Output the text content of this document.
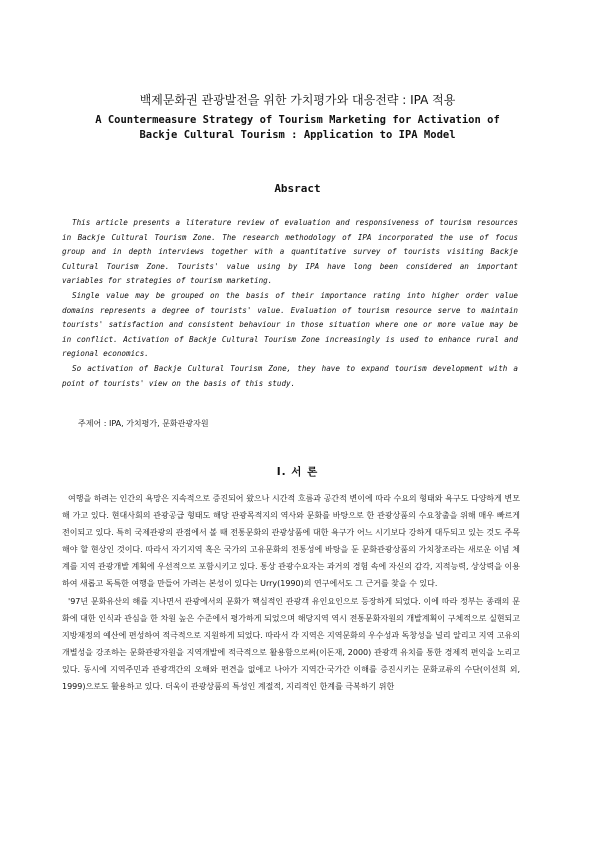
백제문화권 관광발전을 위한 가치평가와 대응전략 : IPA 적용
A Countermeasure Strategy of Tourism Marketing for Activation of
Backje Cultural Tourism : Application to IPA Model
Absract

This article presents a literature review of evaluation and responsiveness of tourism resources in Backje Cultural Tourism Zone. The research methodology of IPA incorporated the use of focus group and in depth interviews together with a quantitative survey of tourists visiting Backje Cultural Tourism Zone. Tourists' value using by IPA have long been considered an important variables for strategies of tourism marketing.

Single value may be grouped on the basis of their importance rating into higher order value domains represents a degree of tourists' value. Evaluation of tourism resource serve to maintain tourists' satisfaction and consistent behaviour in those situation where one or more value may be in conflict. Activation of Backje Cultural Tourism Zone increasingly is used to enhance rural and regional economics.

So activation of Backje Cultural Tourism Zone, they have to expand tourism development with a point of tourists' view on the basis of this study.

주제어 : IPA, 가치평가, 문화관광자원
I. 서 론

여행을 하려는 인간의 욕망은 지속적으로 증진되어 왔으나 시간적 흐름과 공간적 변이에 따라 수요의 형태와 욕구도 다양하게 변모해 가고 있다. 현대사회의 관광공급 형태도 해당 관광목적지의 역사와 문화를 바탕으로 한 관광상품의 수요창출을 위해 매우 빠르게 전이되고 있다. 특히 국제관광의 관점에서 볼 때 전통문화의 관광상품에 대한 욕구가 어느 시기보다 강하게 대두되고 있는 것도 주목해야 할 현상인 것이다. 따라서 자기지역 혹은 국가의 고유문화의 전통성에 바탕을 둔 문화관광상품의 가치창조라는 새로운 이념 체계를 지역 관광개발 계획에 우선적으로 포함시키고 있다. 통상 관광수요자는 과거의 경험 속에 자신의 감각, 지적능력, 상상력을 이용하여 새롭고 독특한 여행을 만들어 가려는 본성이 있다는 Urry(1990)의 연구에서도 그 근거를 찾을 수 있다.

'97년 문화유산의 해를 지나면서 관광에서의 문화가 핵심적인 관광객 유인요인으로 등장하게 되었다. 이에 따라 정부는 종래의 문화에 대한 인식과 관심을 한 차원 높은 수준에서 평가하게 되었으며 해당지역 역시 전통문화자원의 개발계획이 구체적으로 실현되고 지방재정의 예산에 편성하여 적극적으로 지원하게 되었다. 따라서 각 지역은 지역문화의 우수성과 독창성을 널리 알리고 지역 고유의 개별성을 강조하는 문화관광자원을 지역개발에 적극적으로 활용함으로써(이돈재, 2000) 관광객 유치를 통한 경제적 편익을 노리고 있다. 동시에 지역주민과 관광객간의 오해와 편견을 없애고 나아가 지역간·국가간 이해를 증진시키는 문화교류의 수단(이선희 외, 1999)으로도 활용하고 있다. 더욱이 관광상품의 특성인 계절적, 지리적인 한계를 극복하기 위한
